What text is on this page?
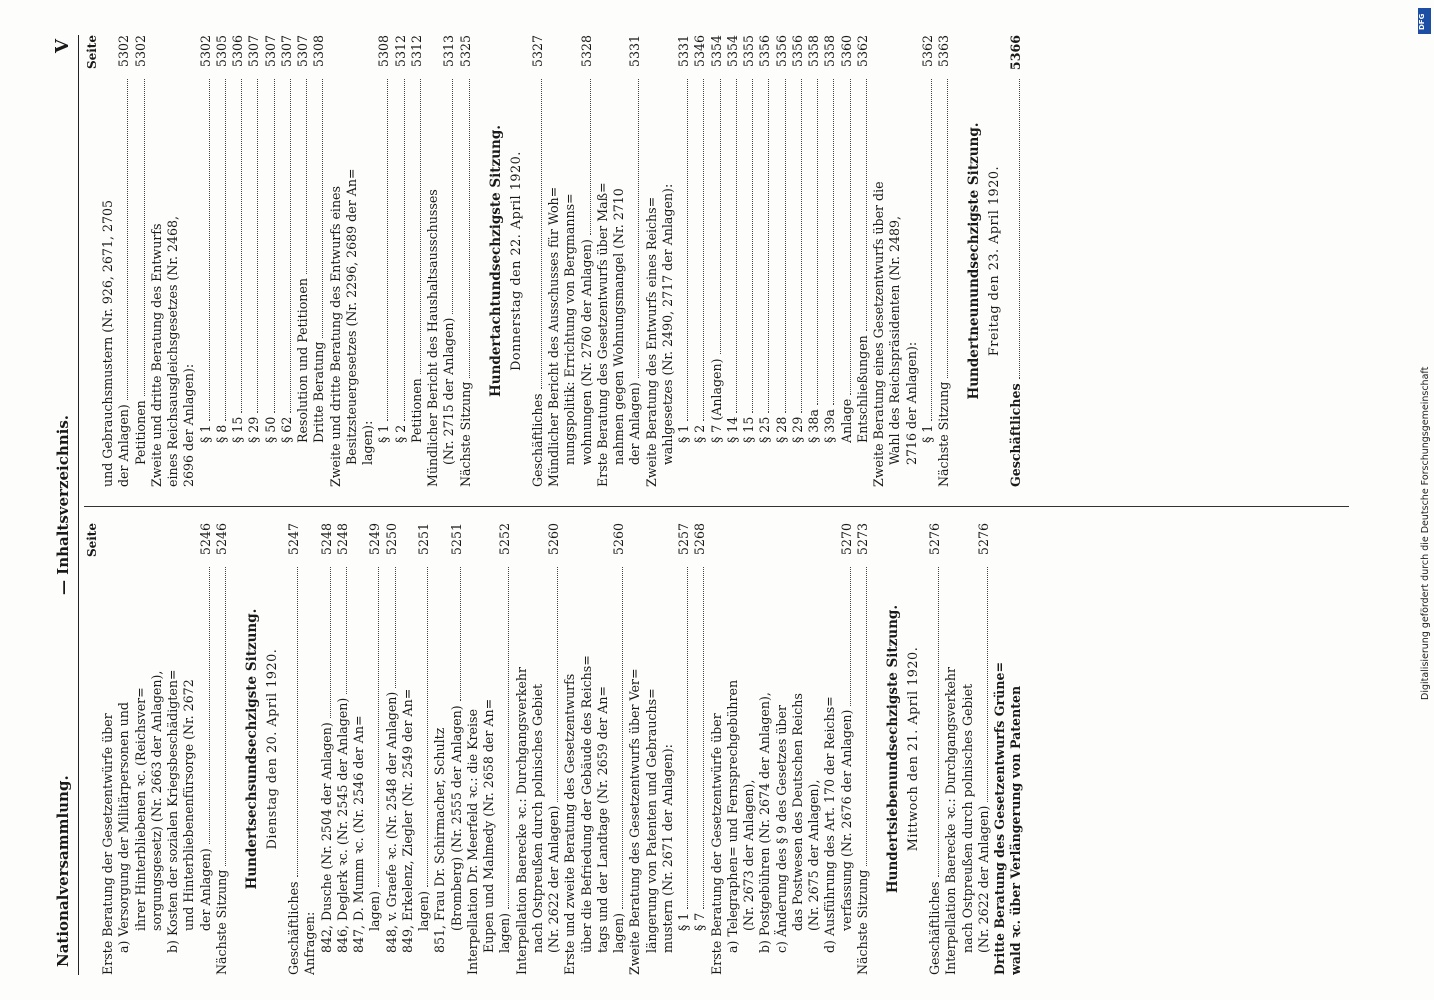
Nationalversammlung.
— Inhaltsverzeichnis.
V
Seite
Erste Beratung der Gesetzentwürfe über a) Versorgung der Militärpersonen und ihrer Hinterbliebenen ꝛc. (Reichsver= sorgungsgesetz) (Nr. 2663 der Anlagen), b) Kosten der sozialen Kriegsbeschädigten= und Hinterbliebenenfürsorge (Nr. 2672 der Anlagen)
5246
Nächste Sitzung
5246
Hundertsechsundsechzigste Sitzung. Dienstag den 20. April 1920.
Geschäftliches
5247
Anfragen: 842, Dusche (Nr. 2504 der Anlagen)
5248
846, Deglerk ꝛc. (Nr. 2545 der Anlagen)
5248
847, D. Mumm ꝛc. (Nr. 2546 der An= lagen)
5249
848, v. Graefe ꝛc. (Nr. 2548 der Anlagen)
5250
849, Erkelenz, Ziegler (Nr. 2549 der An= lagen)
5251
851, Frau Dr. Schirmacher, Schultz (Bromberg) (Nr. 2555 der Anlagen)
5251
Interpellation Dr. Meerfeld ꝛc.: die Kreise Eupen und Malmedy (Nr. 2658 der An= lagen)
5252
Interpellation Baerecke ꝛc.: Durchgangsverkehr nach Ostpreußen durch polnisches Gebiet (Nr. 2622 der Anlagen)
5260
Erste und zweite Beratung des Gesetzentwurfs über die Befriedung der Gebäude des Reichs= tags und der Landtage (Nr. 2659 der An= lagen)
5260
Zweite Beratung des Gesetzentwurfs über Ver= längerung von Patenten und Gebrauchs= mustern (Nr. 2671 der Anlagen): § 1
5257
§ 7
5268
Erste Beratung der Gesetzentwürfe über a) Telegraphen= und Fernsprechgebühren (Nr. 2673 der Anlagen), b) Postgebühren (Nr. 2674 der Anlagen), c) Änderung des § 9 des Gesetzes über das Postwesen des Deutschen Reichs (Nr. 2675 der Anlagen), d) Ausführung des Art. 170 der Reichs= verfassung (Nr. 2676 der Anlagen)
5270
Nächste Sitzung
5273
Hundertsiebenundsechzigste Sitzung. Mittwoch den 21. April 1920.
Geschäftliches
5276
Interpellation Baerecke ꝛc.: Durchgangsverkehr nach Ostpreußen durch polnisches Gebiet (Nr. 2622 der Anlagen)
5276
Dritte Beratung des Gesetzentwurfs Grüne= wald ꝛc. über Verlängerung von Patenten
Seite
und Gebrauchsmustern (Nr. 926, 2671, 2705 der Anlagen)
5302
Petitionen
5302
Zweite und dritte Beratung des Entwurfs eines Reichsausgleichsgesetzes (Nr. 2468, 2696 der Anlagen): § 1
5302
§ 8
5305
§ 15
5306
§ 29
5307
§ 50
5307
§ 62
5307
Resolution und Petitionen
5307
Dritte Beratung
5308
Zweite und dritte Beratung des Entwurfs eines Besitzsteuergesetzes (Nr. 2296, 2689 der An= lagen): § 1
5308
§ 2
5312
Petitionen
5312
Mündlicher Bericht des Haushaltsausschusses (Nr. 2715 der Anlagen)
5313
Nächste Sitzung
5325
Hundertachtundsechzigste Sitzung. Donnerstag den 22. April 1920.
Geschäftliches
5327
Mündlicher Bericht des Ausschusses für Woh= nungspolitik: Errichtung von Bergmanns= wohnungen (Nr. 2760 der Anlagen)
5328
Erste Beratung des Gesetzentwurfs über Maß= nahmen gegen Wohnungsmangel (Nr. 2710 der Anlagen)
5331
Zweite Beratung des Entwurfs eines Reichs= wahlgesetzes (Nr. 2490, 2717 der Anlagen): § 1
5331
§ 2
5346
§ 7 (Anlagen)
5354
§ 14
5354
§ 15
5355
§ 25
5356
§ 28
5356
§ 29
5356
§ 38a
5358
§ 39a
5358
Anlage
5360
Entschließungen
5362
Zweite Beratung eines Gesetzentwurfs über die Wahl des Reichspräsidenten (Nr. 2489, 2716 der Anlagen): § 1
5362
Nächste Sitzung
5363
Hundertneunundsechzigste Sitzung. Freitag den 23. April 1920.
Geschäftliches
5366
DFG
Digitalisierung gefördert durch die Deutsche Forschungsgemeinschaft
